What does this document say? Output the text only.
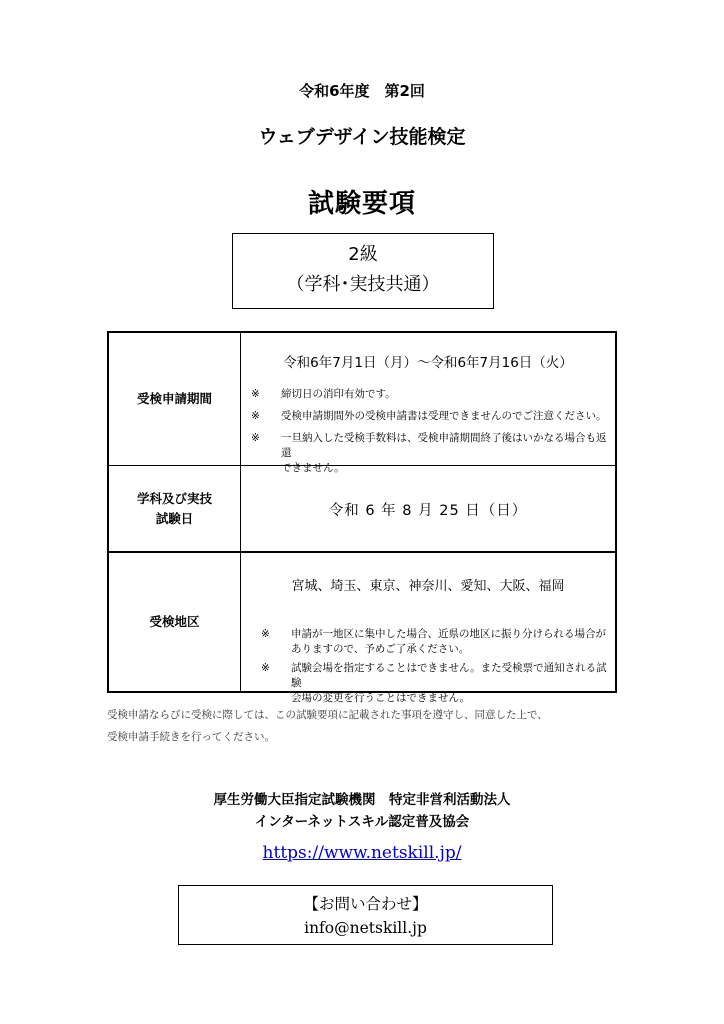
令和6年度　第2回
ウェブデザイン技能検定
試験要項
2級
（学科･実技共通）
受検申請期間
令和6年7月1日（月）～令和6年7月16日（火）
※ 締切日の消印有効です。
※ 受検申請期間外の受検申請書は受理できませんのでご注意ください。
※ 一旦納入した受検手数料は、受検申請期間終了後はいかなる場合も返還
できません。
学科及び実技
試験日	令和 6 年 8 月 25 日（日）
受検地区
宮城、埼玉、東京、神奈川、愛知、大阪、福岡
※ 申請が一地区に集中した場合、近県の地区に振り分けられる場合が
ありますので、予めご了承ください。
※ 試験会場を指定することはできません。また受検票で通知される試験
会場の変更を行うことはできません。
受検申請ならびに受検に際しては、この試験要項に記載された事項を遵守し、同意した上で、
受検申請手続きを行ってください。
厚生労働大臣指定試験機関　特定非営利活動法人
インターネットスキル認定普及協会
https://www.netskill.jp/
【お問い合わせ】
info@netskill.jp
